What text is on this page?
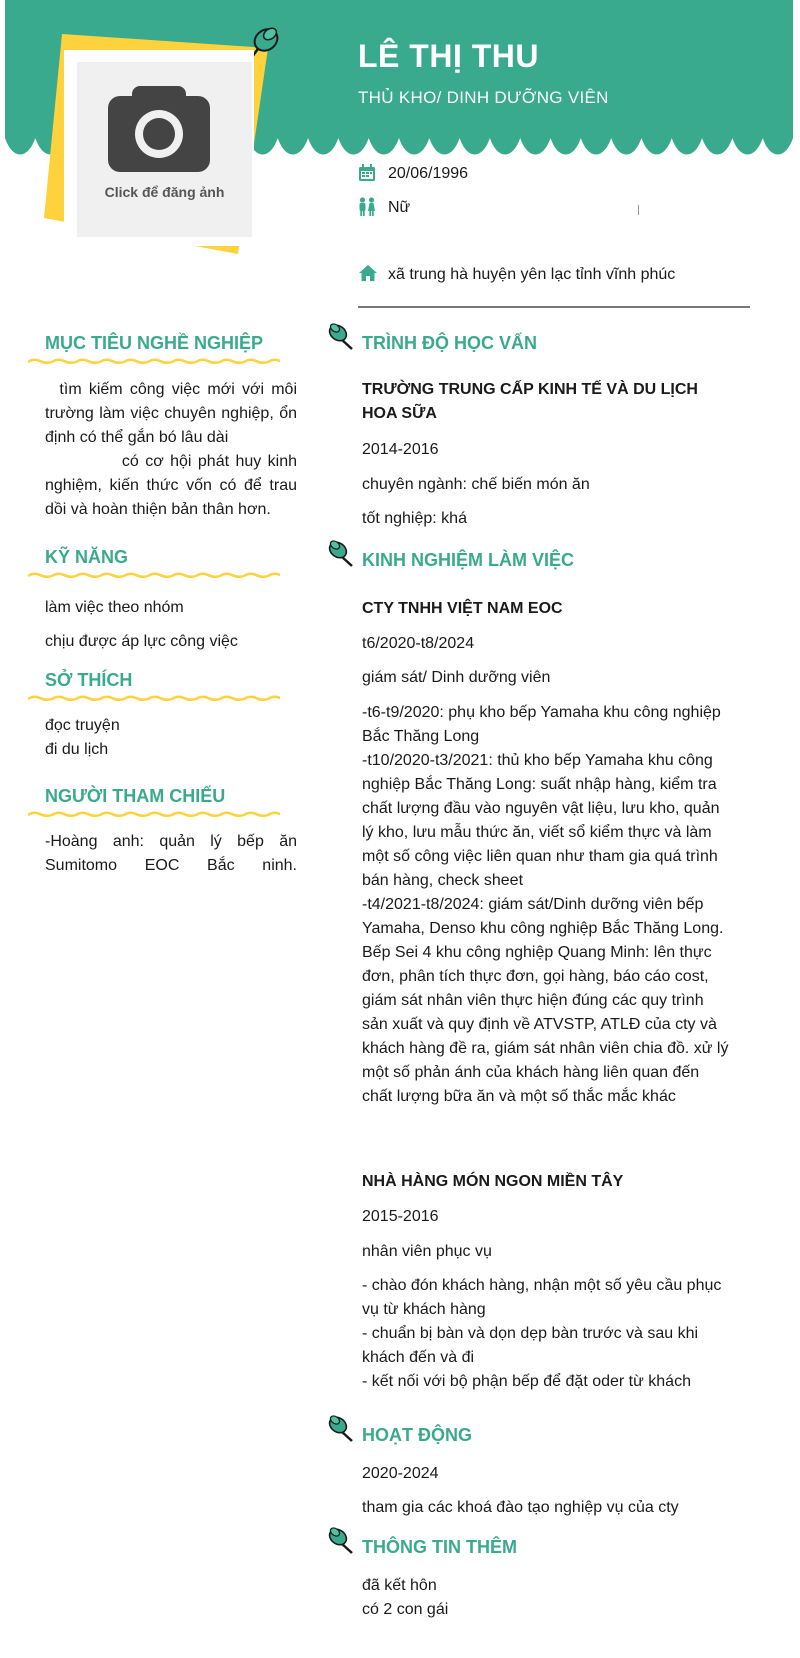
LÊ THỊ THU
THỦ KHO/ DINH DƯỠNG VIÊN
Click để đăng ảnh
20/06/1996
Nữ
xã trung hà huyện yên lạc tỉnh vĩnh phúc
MỤC TIÊU NGHỀ NGHIỆP
tìm kiếm công việc mới với môi trường làm việc chuyên nghiệp, ổn định có thể gắn bó lâu dài
có cơ hội phát huy kinh nghiệm, kiến thức vốn có để trau dồi và hoàn thiện bản thân hơn.
KỸ NĂNG
làm việc theo nhóm
chịu được áp lực công việc
SỞ THÍCH
đọc truyện
đi du lịch
NGƯỜI THAM CHIẾU
-Hoàng anh: quản lý bếp ăn Sumitomo EOC Bắc ninh.
TRÌNH ĐỘ HỌC VẤN
TRƯỜNG TRUNG CẤP KINH TẾ VÀ DU LỊCH HOA SỮA
2014-2016
chuyên ngành: chế biến món ăn
tốt nghiệp: khá
KINH NGHIỆM LÀM VIỆC
CTY TNHH VIỆT NAM EOC
t6/2020-t8/2024
giám sát/ Dinh dưỡng viên
-t6-t9/2020: phụ kho bếp Yamaha khu công nghiệp Bắc Thăng Long
-t10/2020-t3/2021: thủ kho bếp Yamaha khu công nghiệp Bắc Thăng Long: suất nhập hàng, kiểm tra chất lượng đầu vào nguyên vật liệu, lưu kho, quản lý kho, lưu mẫu thức ăn, viết sổ kiểm thực và làm một số công việc liên quan như tham gia quá trình bán hàng, check sheet
-t4/2021-t8/2024: giám sát/Dinh dưỡng viên bếp Yamaha, Denso khu công nghiệp Bắc Thăng Long. Bếp Sei 4 khu công nghiệp Quang Minh: lên thực đơn, phân tích thực đơn, gọi hàng, báo cáo cost, giám sát nhân viên thực hiện đúng các quy trình sản xuất và quy định về ATVSTP, ATLĐ của cty và khách hàng đề ra, giám sát nhân viên chia đồ. xử lý một số phản ánh của khách hàng liên quan đến chất lượng bữa ăn và một số thắc mắc khác
NHÀ HÀNG MÓN NGON MIỀN TÂY
2015-2016
nhân viên phục vụ
- chào đón khách hàng, nhận một số yêu cầu phục vụ từ khách hàng
- chuẩn bị bàn và dọn dẹp bàn trước và sau khi khách đến và đi
- kết nối với bộ phận bếp để đặt oder từ khách
HOẠT ĐỘNG
2020-2024
tham gia các khoá đào tạo nghiệp vụ của cty
THÔNG TIN THÊM
đã kết hôn
có 2 con gái
